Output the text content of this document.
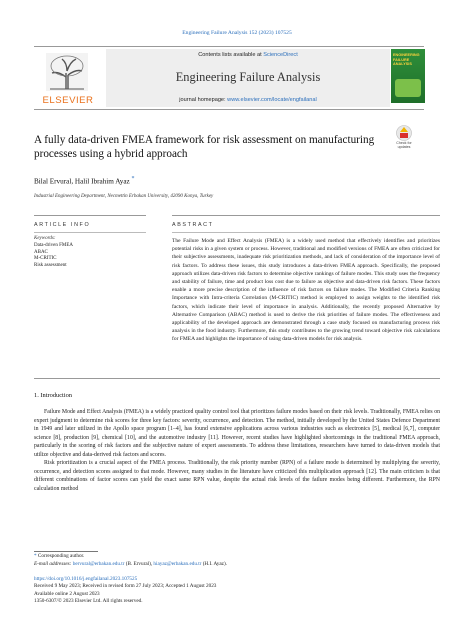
Engineering Failure Analysis 152 (2023) 107525
ELSEVIER
Contents lists available at ScienceDirect
Engineering Failure Analysis
journal homepage: www.elsevier.com/locate/engfailanal
ENGINEERING FAILURE ANALYSIS
A fully data-driven FMEA framework for risk assessment on manufacturing processes using a hybrid approach
Check for updates
Bilal Ervural, Halil Ibrahim Ayaz *
Industrial Engineering Department, Necmettin Erbakan University, 42090 Konya, Turkey
ARTICLE INFO	ABSTRACT
Keywords:
Data-driven FMEA
ABAC
M-CRITIC
Risk assessment
The Failure Mode and Effect Analysis (FMEA) is a widely used method that effectively identifies and prioritizes potential risks in a given system or process. However, traditional and modified versions of FMEA are often criticized for their subjective assessments, inadequate risk prioritization methods, and lack of consideration of the importance level of risk factors. To address these issues, this study introduces a data-driven FMEA approach. Specifically, the proposed approach utilizes data-driven risk factors to determine objective rankings of failure modes. This study uses the frequency and stability of failure, time and product loss cost due to failure as objective and data-driven risk factors. These factors enable a more precise description of the influence of risk factors on failure modes. The Modified Criteria Ranking Importance with Intra-criteria Correlation (M-CRITIC) method is employed to assign weights to the identified risk factors, which indicate their level of importance in analysis. Additionally, the recently proposed Alternative by Alternative Comparison (ABAC) method is used to derive the risk priorities of failure modes. The effectiveness and applicability of the developed approach are demonstrated through a case study focused on manufacturing process risk analysis in the food industry. Furthermore, this study contributes to the growing trend toward objective risk calculations for FMEA and highlights the importance of using data-driven models for risk analysis.
1. Introduction

Failure Mode and Effect Analysis (FMEA) is a widely practiced quality control tool that prioritizes failure modes based on their risk levels. Traditionally, FMEA relies on expert judgment to determine risk scores for three key factors: severity, occurrence, and detection. The method, initially developed by the United States Defence Department in 1949 and later utilized in the Apollo space program [1–4], has found extensive applications across various industries such as electronics [5], medical [6,7], computer science [8], production [9], chemical [10], and the automotive industry [11]. However, recent studies have highlighted shortcomings in the traditional FMEA approach, particularly in the scoring of risk factors and the subjective nature of expert assessments. To address these limitations, researchers have turned to data-driven models that utilize objective and data-derived risk factors and scores.

Risk prioritization is a crucial aspect of the FMEA process. Traditionally, the risk priority number (RPN) of a failure mode is determined by multiplying the severity, occurrence, and detection scores assigned to that mode. However, many studies in the literature have criticized this multiplication approach [12]. The main criticism is that different combinations of factor scores can yield the exact same RPN value, despite the actual risk levels of the failure modes being different. Furthermore, the RPN calculation method

* Corresponding author.
E-mail addresses: bervural@erbakan.edu.tr (B. Ervural), hiayaz@erbakan.edu.tr (H.I. Ayaz).
https://doi.org/10.1016/j.engfailanal.2023.107525
Received 9 May 2023; Received in revised form 27 July 2023; Accepted 1 August 2023
Available online 2 August 2023
1350-6307/© 2023 Elsevier Ltd. All rights reserved.
